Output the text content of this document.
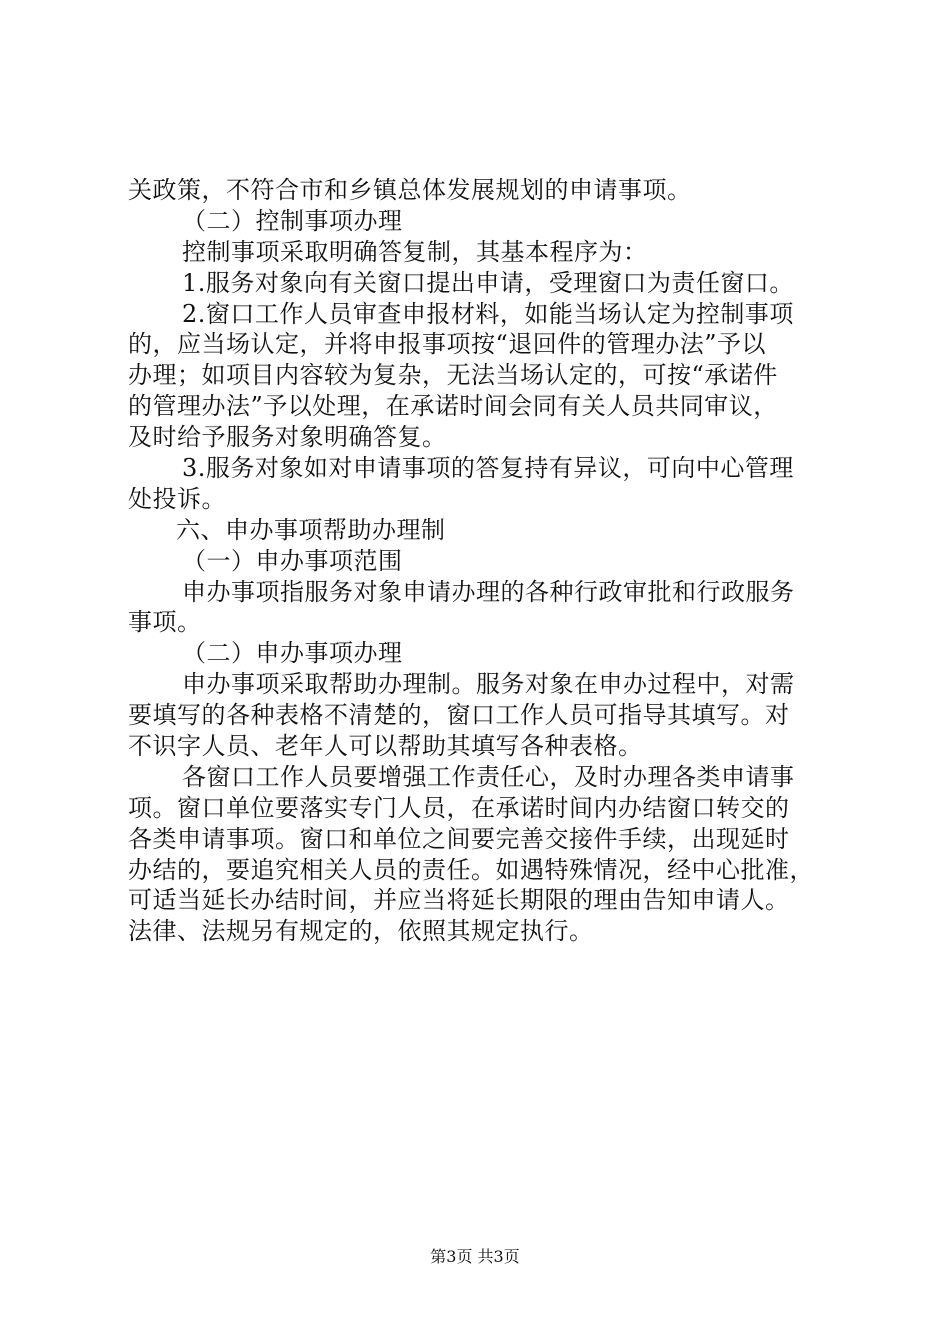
关政策，不符合市和乡镇总体发展规划的申请事项。
（二）控制事项办理
控制事项采取明确答复制，其基本程序为：
1.服务对象向有关窗口提出申请，受理窗口为责任窗口。
2.窗口工作人员审查申报材料，如能当场认定为控制事项
的，应当场认定，并将申报事项按“退回件的管理办法”予以
办理；如项目内容较为复杂，无法当场认定的，可按“承诺件
的管理办法”予以处理，在承诺时间会同有关人员共同审议，
及时给予服务对象明确答复。
3.服务对象如对申请事项的答复持有异议，可向中心管理
处投诉。
六、申办事项帮助办理制
（一）申办事项范围
申办事项指服务对象申请办理的各种行政审批和行政服务
事项。
（二）申办事项办理
申办事项采取帮助办理制。服务对象在申办过程中，对需
要填写的各种表格不清楚的，窗口工作人员可指导其填写。对
不识字人员、老年人可以帮助其填写各种表格。
各窗口工作人员要增强工作责任心，及时办理各类申请事
项。窗口单位要落实专门人员，在承诺时间内办结窗口转交的
各类申请事项。窗口和单位之间要完善交接件手续，出现延时
办结的，要追究相关人员的责任。如遇特殊情况，经中心批准，
可适当延长办结时间，并应当将延长期限的理由告知申请人。
法律、法规另有规定的，依照其规定执行。
第3页 共3页
